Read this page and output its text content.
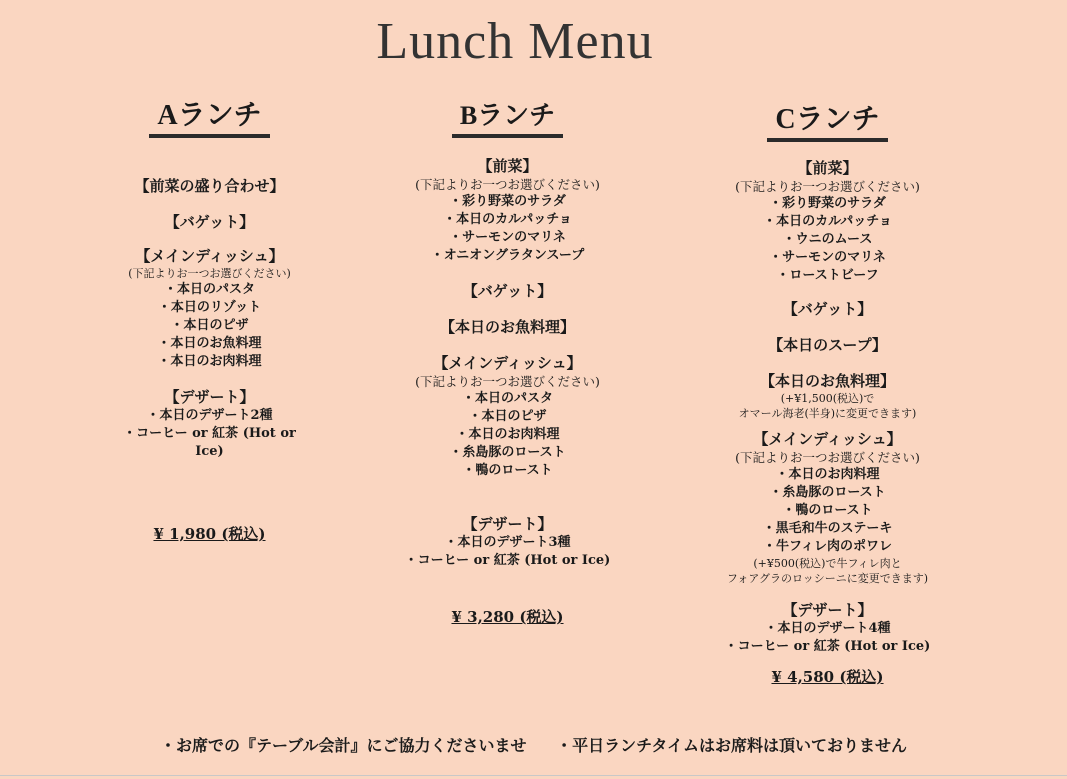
Lunch Menu
Aランチ
【前菜の盛り合わせ】
【バゲット】
【メインディッシュ】
(下記よりお一つお選びください)
・本日のパスタ
・本日のリゾット
・本日のピザ
・本日のお魚料理
・本日のお肉料理
【デザート】
・本日のデザート2種
・コーヒー or 紅茶 (Hot or Ice)
¥ 1,980 (税込)
Bランチ
【前菜】
(下記よりお一つお選びください)
・彩り野菜のサラダ
・本日のカルパッチョ
・サーモンのマリネ
・オニオングラタンスープ
【バゲット】
【本日のお魚料理】
【メインディッシュ】
(下記よりお一つお選びください)
・本日のパスタ
・本日のピザ
・本日のお肉料理
・糸島豚のロースト
・鴨のロースト
【デザート】
・本日のデザート3種
・コーヒー or 紅茶 (Hot or Ice)
¥ 3,280 (税込)
Cランチ
【前菜】
(下記よりお一つお選びください)
・彩り野菜のサラダ
・本日のカルパッチョ
・ウニのムース
・サーモンのマリネ
・ローストビーフ
【バゲット】
【本日のスープ】
【本日のお魚料理】
(+¥1,500(税込)で
オマール海老(半身)に変更できます)
【メインディッシュ】
(下記よりお一つお選びください)
・本日のお肉料理
・糸島豚のロースト
・鴨のロースト
・黒毛和牛のステーキ
・牛フィレ肉のポワレ
(+¥500(税込)で牛フィレ肉と
フォアグラのロッシーニに変更できます)
【デザート】
・本日のデザート4種
・コーヒー or 紅茶 (Hot or Ice)
¥ 4,580 (税込)
・お席での『テーブル会計』にご協力くださいませ ・平日ランチタイムはお席料は頂いておりません
